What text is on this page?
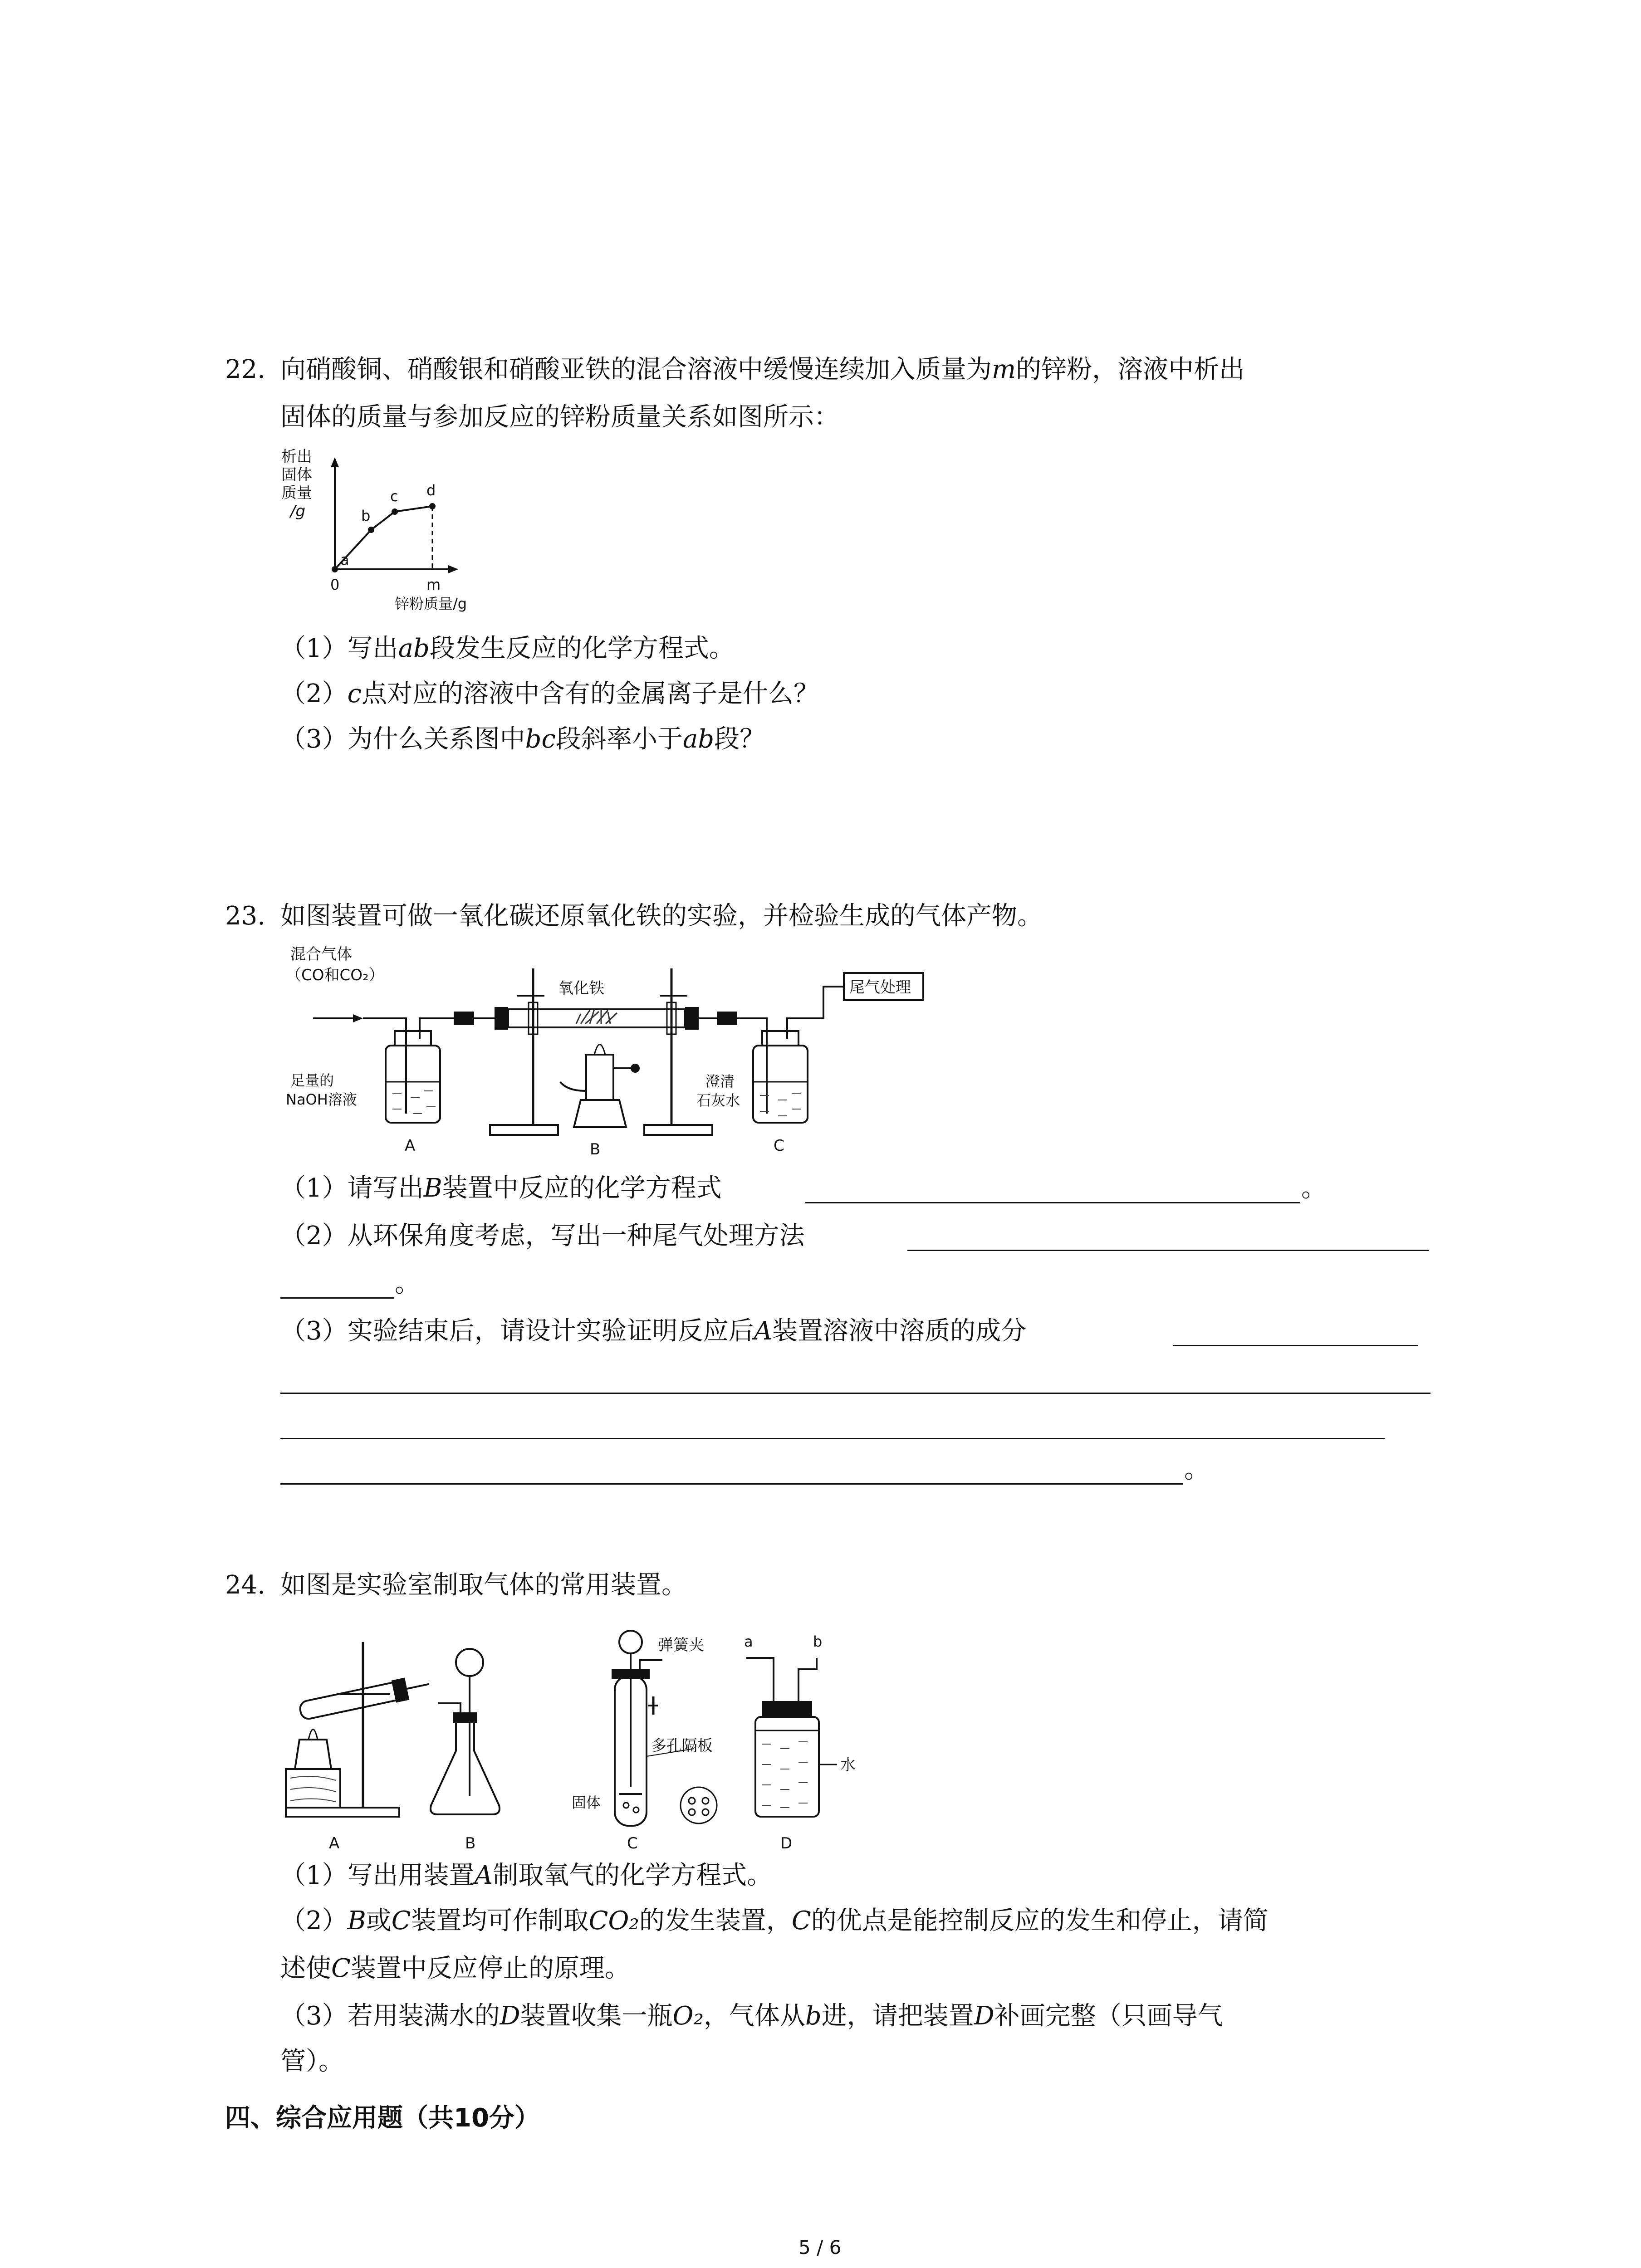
22. 向硝酸铜、硝酸银和硝酸亚铁的混合溶液中缓慢连续加入质量为m的锌粉，溶液中析出
固体的质量与参加反应的锌粉质量关系如图所示：
析出
固体
质量
/g
a
b
c d
0	m
锌粉质量/g
（1）写出ab段发生反应的化学方程式。
（2）c点对应的溶液中含有的金属离子是什么？
（3）为什么关系图中bc段斜率小于ab段？
23. 如图装置可做一氧化碳还原氧化铁的实验，并检验生成的气体产物。
混合气体
（CO和CO₂）
足量的
NaOH溶液
A
氧化铁
B
尾气处理
澄清
石灰水
C
（1）请写出B装置中反应的化学方程式	。
（2）从环保角度考虑，写出一种尾气处理方法
。
（3）实验结束后，请设计实验证明反应后A装置溶液中溶质的成分
。
24. 如图是实验室制取气体的常用装置。
A	B
弹簧夹
多孔隔板
固体
C
a	b
水
D
（1）写出用装置A制取氧气的化学方程式。
（2）B或C装置均可作制取CO₂的发生装置，C的优点是能控制反应的发生和停止，请简
述使C装置中反应停止的原理。
（3）若用装满水的D装置收集一瓶O₂，气体从b进，请把装置D补画完整（只画导气
管）。
四、综合应用题（共10分）
5 / 6
